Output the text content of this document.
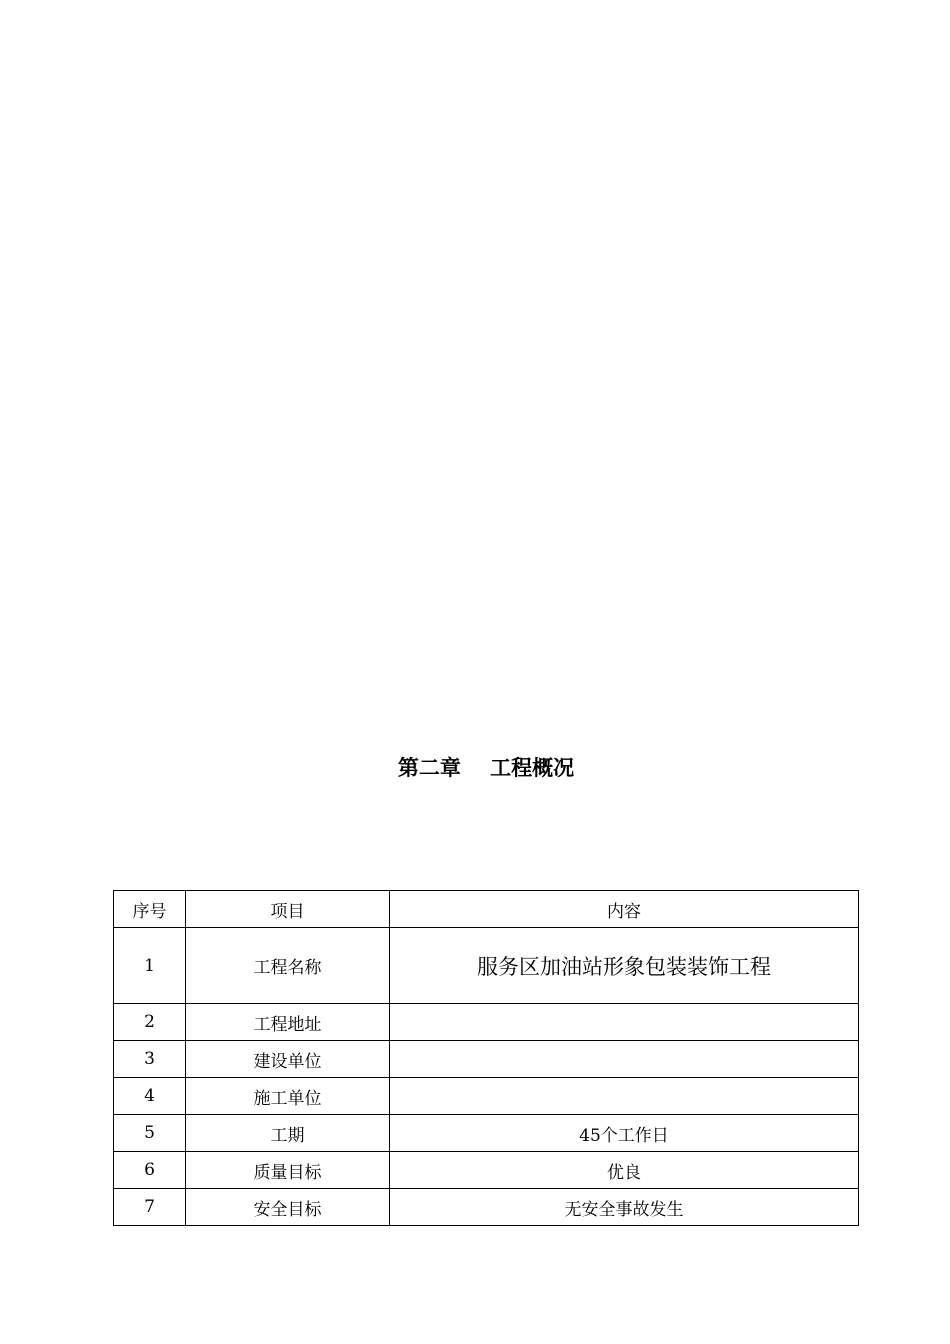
第二章    工程概况
序号	项目	内容
1	工程名称	服务区加油站形象包装装饰工程
2	工程地址	
3	建设单位	
4	施工单位	
5	工期	45个工作日
6	质量目标	优良
7	安全目标	无安全事故发生
